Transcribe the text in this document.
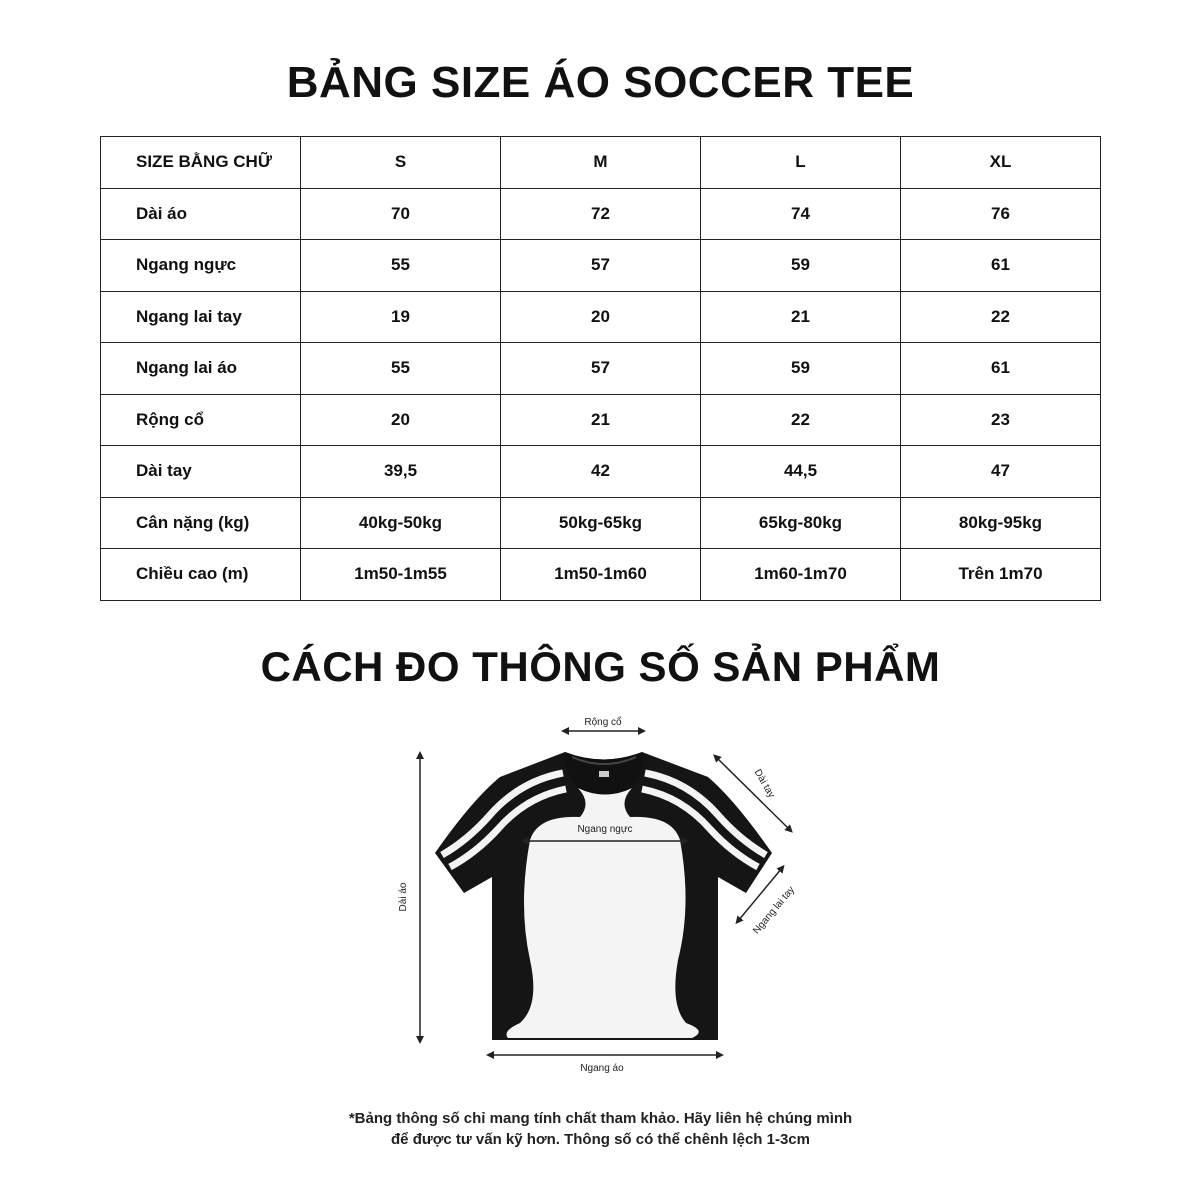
BẢNG SIZE ÁO SOCCER TEE
SIZE BẰNG CHỮ	S	M	L	XL
Dài áo	70	72	74	76
Ngang ngực	55	57	59	61
Ngang lai tay	19	20	21	22
Ngang lai áo	55	57	59	61
Rộng cổ	20	21	22	23
Dài tay	39,5	42	44,5	47
Cân nặng (kg)	40kg-50kg	50kg-65kg	65kg-80kg	80kg-95kg
Chiều cao (m)	1m50-1m55	1m50-1m60	1m60-1m70	Trên 1m70
CÁCH ĐO THÔNG SỐ SẢN PHẨM
Rộng cổ
Dài tay
Ngang ngực
Ngang lai tay
Dài áo
Ngang áo
*Bảng thông số chỉ mang tính chất tham khảo. Hãy liên hệ chúng mình
để được tư vấn kỹ hơn. Thông số có thể chênh lệch 1-3cm
